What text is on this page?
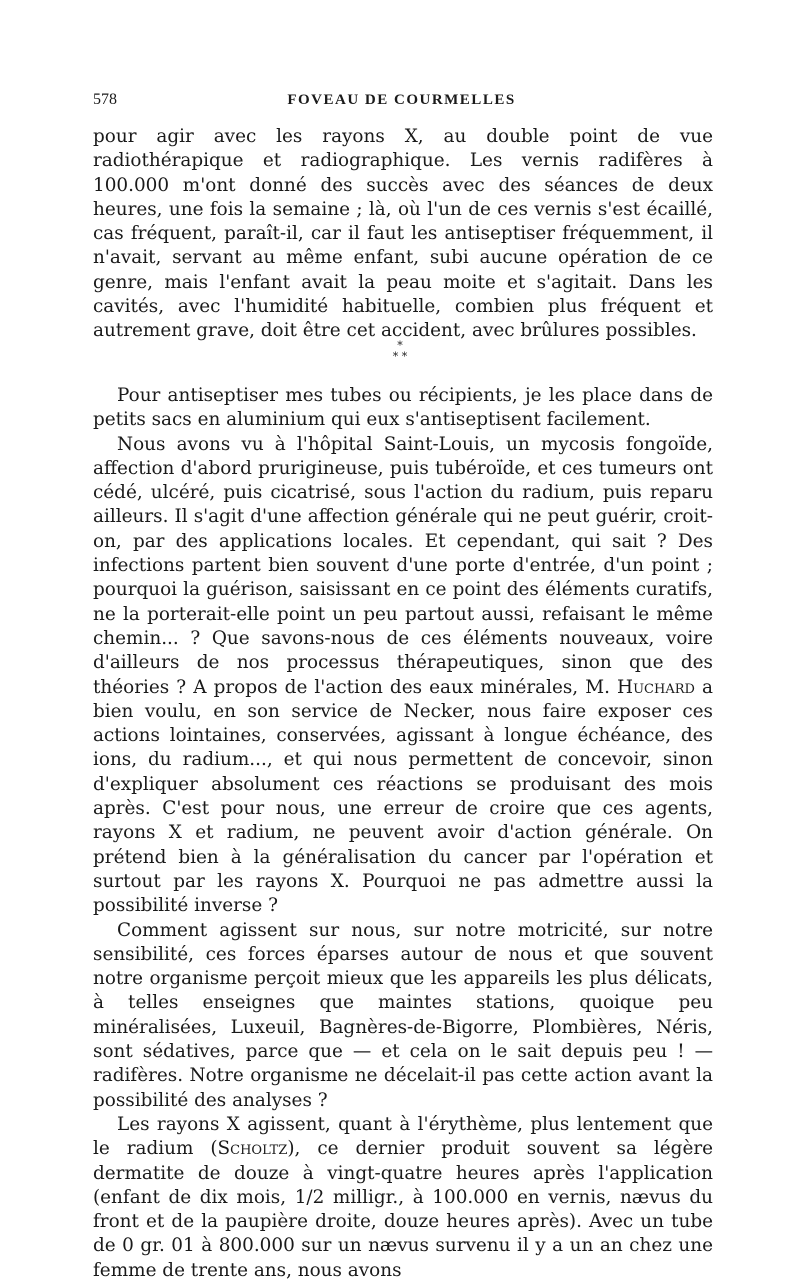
578	FOVEAU DE COURMELLES

pour agir avec les rayons X, au double point de vue radiothérapique et radiographique. Les vernis radifères à 100.000 m'ont donné des succès avec des séances de deux heures, une fois la semaine ; là, où l'un de ces vernis s'est écaillé, cas fréquent, paraît-il, car il faut les antiseptiser fréquemment, il n'avait, servant au même enfant, subi aucune opération de ce genre, mais l'enfant avait la peau moite et s'agitait. Dans les cavités, avec l'humidité habituelle, combien plus fréquent et autrement grave, doit être cet accident, avec brûlures possibles.

*
* *

Pour antiseptiser mes tubes ou récipients, je les place dans de petits sacs en aluminium qui eux s'antiseptisent facilement.

Nous avons vu à l'hôpital Saint-Louis, un mycosis fongoïde, affection d'abord prurigineuse, puis tubéroïde, et ces tumeurs ont cédé, ulcéré, puis cicatrisé, sous l'action du radium, puis reparu ailleurs. Il s'agit d'une affection générale qui ne peut guérir, croit-on, par des applications locales. Et cependant, qui sait ? Des infections partent bien souvent d'une porte d'entrée, d'un point ; pourquoi la guérison, saisissant en ce point des éléments curatifs, ne la porterait-elle point un peu partout aussi, refaisant le même chemin... ? Que savons-nous de ces éléments nouveaux, voire d'ailleurs de nos processus thérapeutiques, sinon que des théories ? A propos de l'action des eaux minérales, M. Huchard a bien voulu, en son service de Necker, nous faire exposer ces actions lointaines, conservées, agissant à longue échéance, des ions, du radium..., et qui nous permettent de concevoir, sinon d'expliquer absolument ces réactions se produisant des mois après. C'est pour nous, une erreur de croire que ces agents, rayons X et radium, ne peuvent avoir d'action générale. On prétend bien à la généralisation du cancer par l'opération et surtout par les rayons X. Pourquoi ne pas admettre aussi la possibilité inverse ?

Comment agissent sur nous, sur notre motricité, sur notre sensibilité, ces forces éparses autour de nous et que souvent notre organisme perçoit mieux que les appareils les plus délicats, à telles enseignes que maintes stations, quoique peu minéralisées, Luxeuil, Bagnères-de-Bigorre, Plombières, Néris, sont sédatives, parce que — et cela on le sait depuis peu ! — radifères. Notre organisme ne décelait-il pas cette action avant la possibilité des analyses ?

Les rayons X agissent, quant à l'érythème, plus lentement que le radium (Scholtz), ce dernier produit souvent sa légère dermatite de douze à vingt-quatre heures après l'application (enfant de dix mois, 1/2 milligr., à 100.000 en vernis, nævus du front et de la paupière droite, douze heures après). Avec un tube de 0 gr. 01 à 800.000 sur un nævus survenu il y a un an chez une femme de trente ans, nous avons
